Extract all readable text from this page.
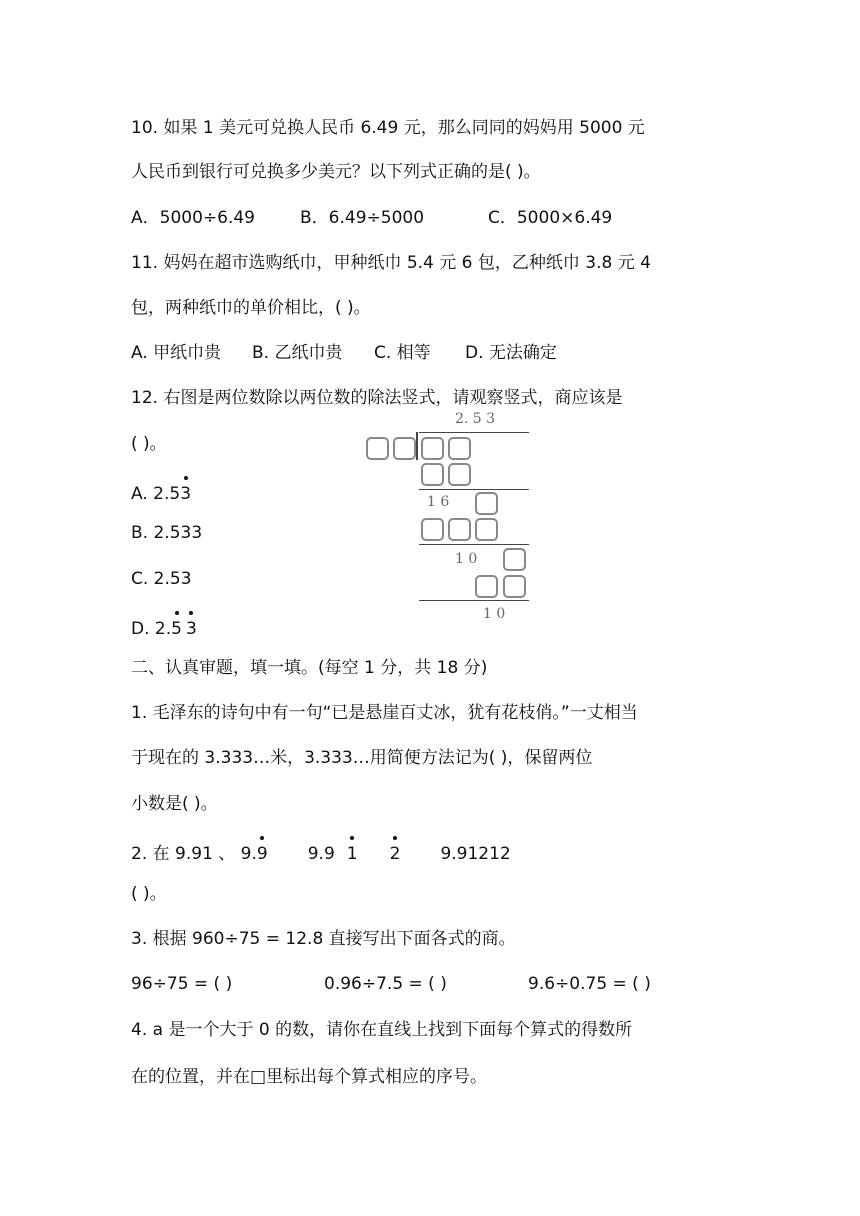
10. 如果 1 美元可兑换人民币 6.49 元，那么同同的妈妈用 5000 元
人民币到银行可兑换多少美元？以下列式正确的是( )。
A．5000÷6.49	B．6.49÷5000	C．5000×6.49
11. 妈妈在超市选购纸巾，甲种纸巾 5.4 元 6 包，乙种纸巾 3.8 元 4
包，两种纸巾的单价相比，( )。
A. 甲纸巾贵 B. 乙纸巾贵 C. 相等 D. 无法确定
12. 右图是两位数除以两位数的除法竖式，请观察竖式，商应该是
( )。
A. 2.53
B. 2.533
C. 2.53
D. 2.5 3
2. 5 3
1 6
1 0
1 0
二、认真审题，填一填。(每空 1 分，共 18 分)
1. 毛泽东的诗句中有一句“已是悬崖百丈冰，犹有花枝俏。”一丈相当
于现在的 3.333…米，3.333…用简便方法记为( )，保留两位
小数是( )。
2. 在 9.91 、 9.9 9.9 1 2 9.91212
( )。
3. 根据 960÷75 = 12.8 直接写出下面各式的商。
96÷75 = ( )	0.96÷7.5 = ( )	9.6÷0.75 = ( )
4. a 是一个大于 0 的数，请你在直线上找到下面每个算式的得数所
在的位置，并在□里标出每个算式相应的序号。
